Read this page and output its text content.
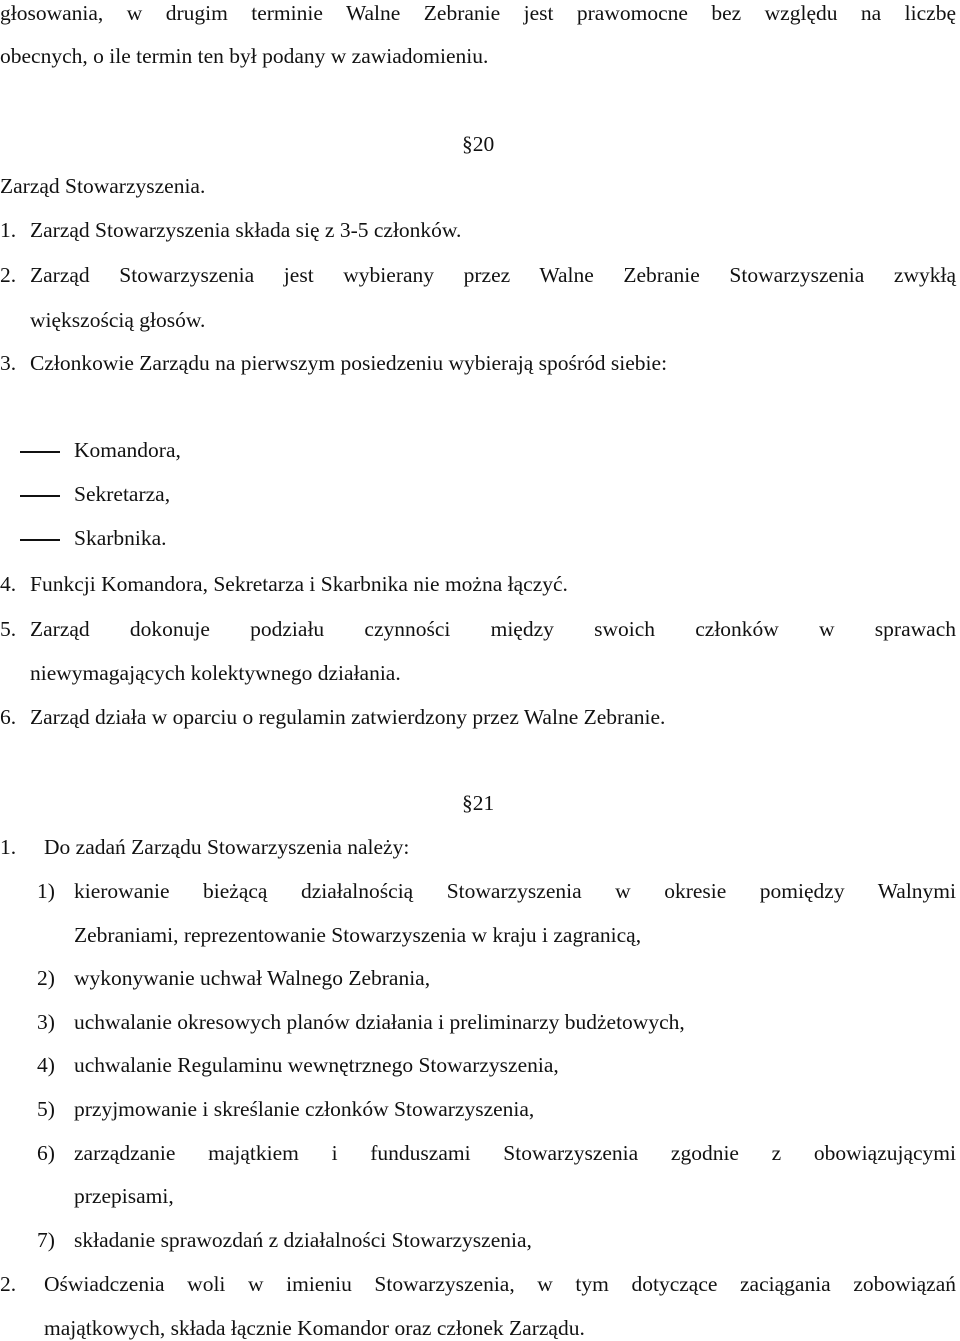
głosowania, w drugim terminie Walne Zebranie jest prawomocne bez względu na liczbę
obecnych, o ile termin ten był podany w zawiadomieniu.
§20
Zarząd Stowarzyszenia.
1. Zarząd Stowarzyszenia składa się z 3-5 członków.
2. Zarząd Stowarzyszenia jest wybierany przez Walne Zebranie Stowarzyszenia zwykłą
większością głosów.
3. Członkowie Zarządu na pierwszym posiedzeniu wybierają spośród siebie:
Komandora,
Sekretarza,
Skarbnika.
4. Funkcji Komandora, Sekretarza i Skarbnika nie można łączyć.
5. Zarząd dokonuje podziału czynności między swoich członków w sprawach
niewymagających kolektywnego działania.
6. Zarząd działa w oparciu o regulamin zatwierdzony przez Walne Zebranie.
§21
1. Do zadań Zarządu Stowarzyszenia należy:
1) kierowanie bieżącą działalnością Stowarzyszenia w okresie pomiędzy Walnymi
Zebraniami, reprezentowanie Stowarzyszenia w kraju i zagranicą,
2) wykonywanie uchwał Walnego Zebrania,
3) uchwalanie okresowych planów działania i preliminarzy budżetowych,
4) uchwalanie Regulaminu wewnętrznego Stowarzyszenia,
5) przyjmowanie i skreślanie członków Stowarzyszenia,
6) zarządzanie majątkiem i funduszami Stowarzyszenia zgodnie z obowiązującymi
przepisami,
7) składanie sprawozdań z działalności Stowarzyszenia,
2. Oświadczenia woli w imieniu Stowarzyszenia, w tym dotyczące zaciągania zobowiązań
majątkowych, składa łącznie Komandor oraz członek Zarządu.
